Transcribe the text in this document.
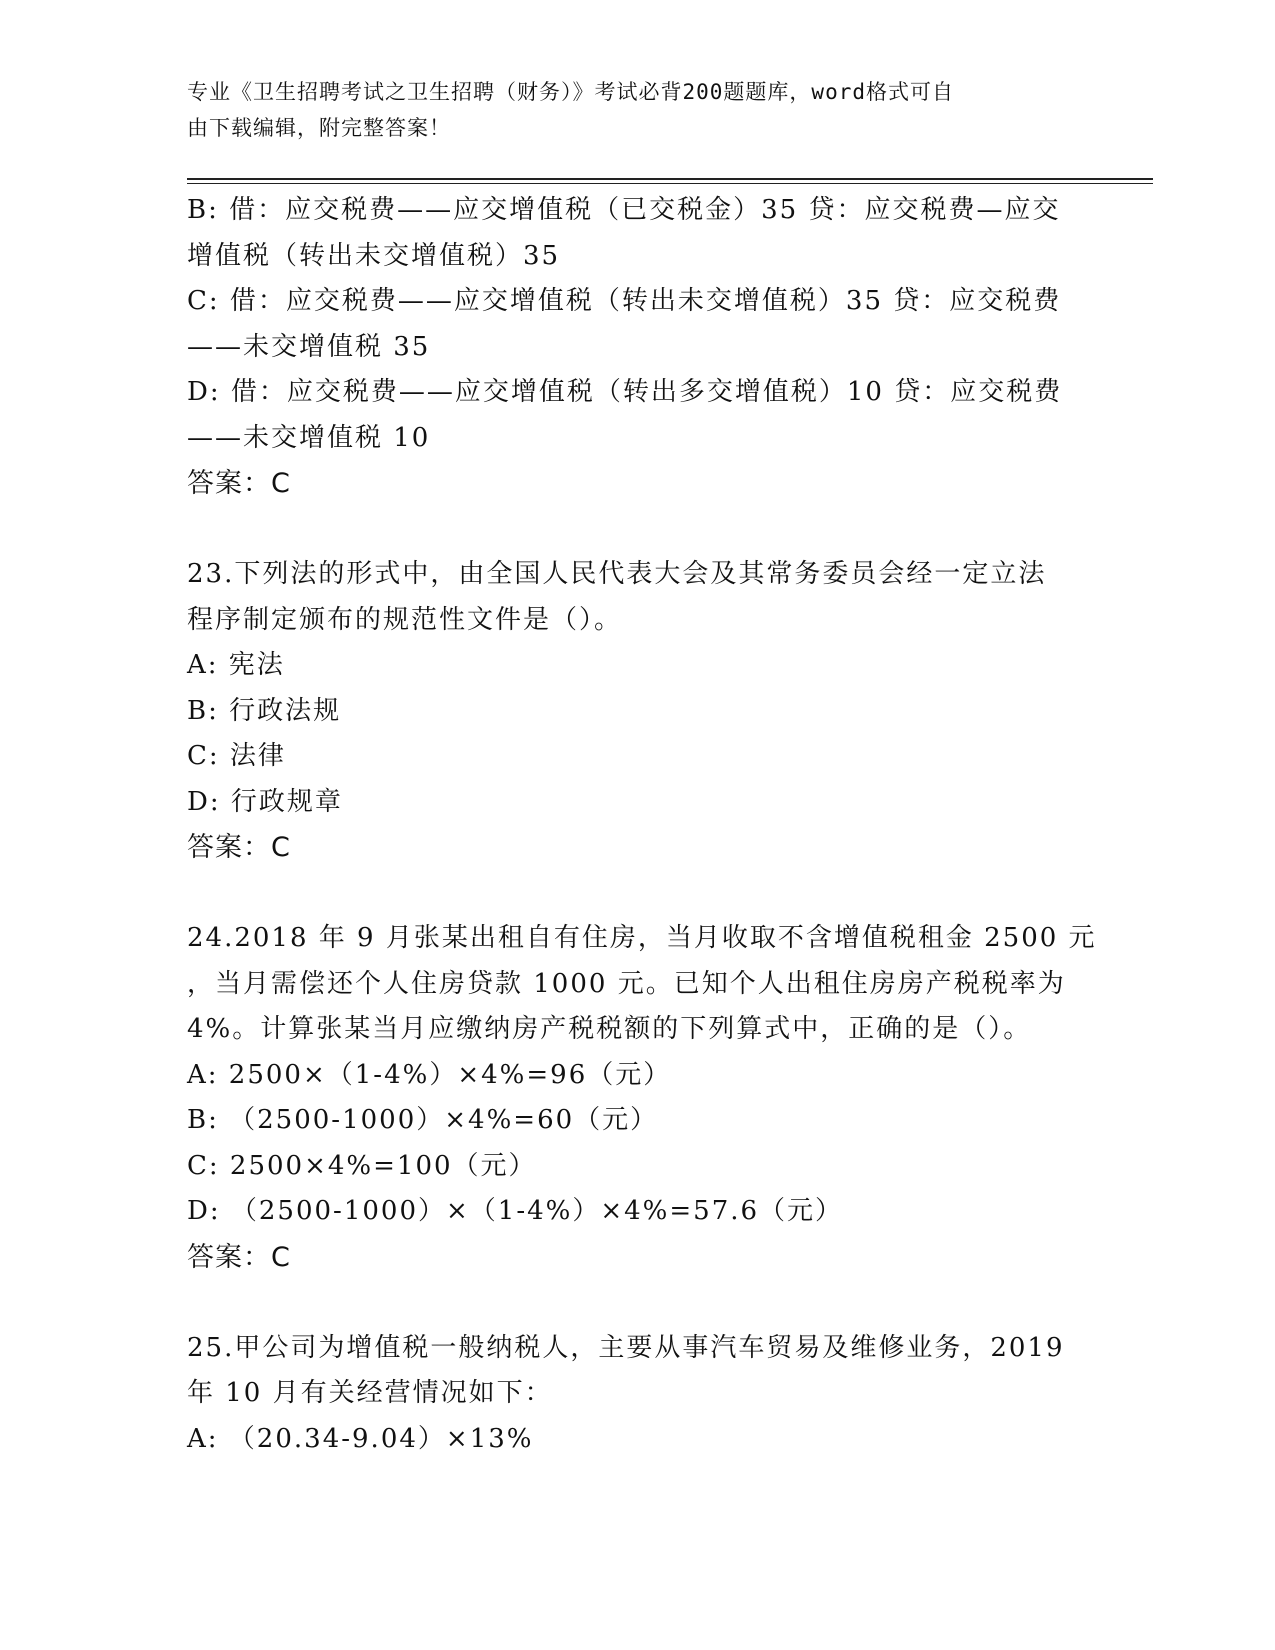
专业《卫生招聘考试之卫生招聘（财务）》考试必背200题题库，word格式可自
由下载编辑，附完整答案！

B: 借：应交税费——应交增值税（已交税金）35 贷：应交税费—应交

增值税（转出未交增值税）35

C: 借：应交税费——应交增值税（转出未交增值税）35 贷：应交税费

——未交增值税 35

D: 借：应交税费——应交增值税（转出多交增值税）10 贷：应交税费

——未交增值税 10

答案：C

23.下列法的形式中，由全国人民代表大会及其常务委员会经一定立法

程序制定颁布的规范性文件是（）。

A: 宪法

B: 行政法规

C: 法律

D: 行政规章

答案：C

24.2018 年 9 月张某出租自有住房，当月收取不含增值税租金 2500 元

，当月需偿还个人住房贷款 1000 元。已知个人出租住房房产税税率为

4%。计算张某当月应缴纳房产税税额的下列算式中，正确的是（）。

A: 2500×（1-4%）×4%=96（元）

B: （2500-1000）×4%=60（元）

C: 2500×4%=100（元）

D: （2500-1000）×（1-4%）×4%=57.6（元）

答案：C

25.甲公司为增值税一般纳税人，主要从事汽车贸易及维修业务，2019

年 10 月有关经营情况如下：

A: （20.34-9.04）×13%
